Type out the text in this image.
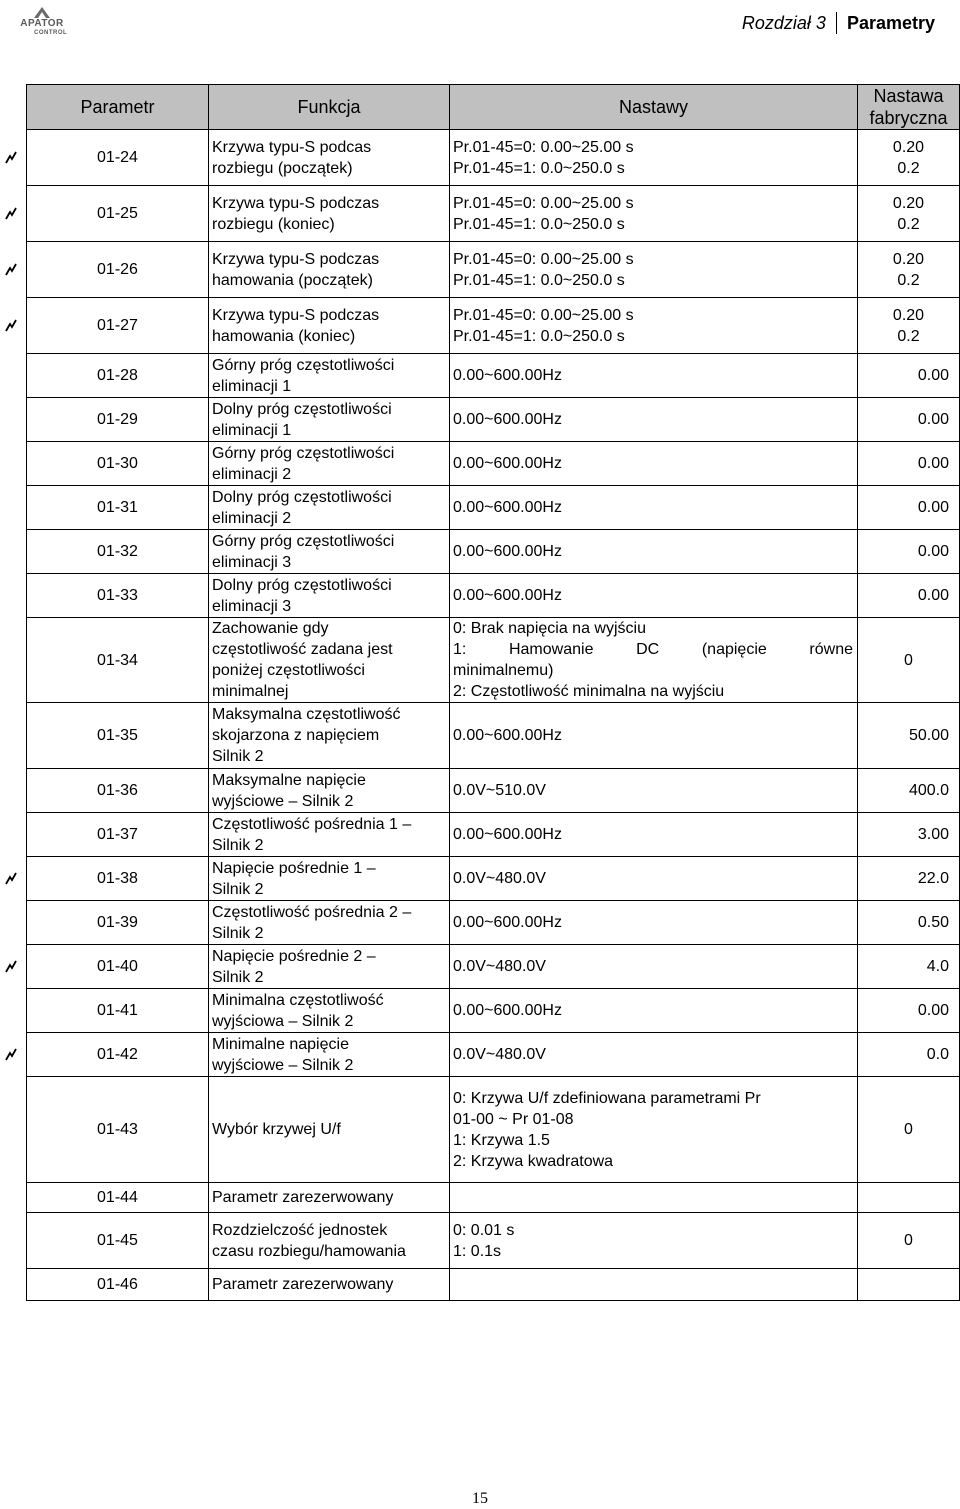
APATOR
CONTROL
Rozdział 3 Parametry
Parametr	Funkcja	Nastawy	Nastawa
fabryczna

01-24	Krzywa typu-S podcas
rozbiegu (początek)	Pr.01-45=0: 0.00~25.00 s
Pr.01-45=1: 0.0~250.0 s	0.20
0.2

01-25	Krzywa typu-S podczas
rozbiegu (koniec)	Pr.01-45=0: 0.00~25.00 s
Pr.01-45=1: 0.0~250.0 s	0.20
0.2

01-26	Krzywa typu-S podczas
hamowania (początek)	Pr.01-45=0: 0.00~25.00 s
Pr.01-45=1: 0.0~250.0 s	0.20
0.2

01-27	Krzywa typu-S podczas
hamowania (koniec)	Pr.01-45=0: 0.00~25.00 s
Pr.01-45=1: 0.0~250.0 s	0.20
0.2

01-28	Górny próg częstotliwości
eliminacji 1	0.00~600.00Hz	0.00

01-29	Dolny próg częstotliwości
eliminacji 1	0.00~600.00Hz	0.00

01-30	Górny próg częstotliwości
eliminacji 2	0.00~600.00Hz	0.00

01-31	Dolny próg częstotliwości
eliminacji 2	0.00~600.00Hz	0.00

01-32	Górny próg częstotliwości
eliminacji 3	0.00~600.00Hz	0.00

01-33	Dolny próg częstotliwości
eliminacji 3	0.00~600.00Hz	0.00

01-34	Zachowanie gdy
częstotliwość zadana jest
poniżej częstotliwości
minimalnej	0: Brak napięcia na wyjściu
1: Hamowanie DC (napięcie równe
minimalnemu)
2: Częstotliwość minimalna na wyjściu	0

01-35	Maksymalna częstotliwość
skojarzona z napięciem
Silnik 2	0.00~600.00Hz	50.00

01-36	Maksymalne napięcie
wyjściowe – Silnik 2	0.0V~510.0V	400.0

01-37	Częstotliwość pośrednia 1 –
Silnik 2	0.00~600.00Hz	3.00

01-38	Napięcie pośrednie 1 –
Silnik 2	0.0V~480.0V	22.0

01-39	Częstotliwość pośrednia 2 –
Silnik 2	0.00~600.00Hz	0.50

01-40	Napięcie pośrednie 2 –
Silnik 2	0.0V~480.0V	4.0

01-41	Minimalna częstotliwość
wyjściowa – Silnik 2	0.00~600.00Hz	0.00

01-42	Minimalne napięcie
wyjściowe – Silnik 2	0.0V~480.0V	0.0

01-43	Wybór krzywej U/f	0: Krzywa U/f zdefiniowana parametrami Pr
01-00 ~ Pr 01-08
1: Krzywa 1.5
2: Krzywa kwadratowa	0

01-44	Parametr zarezerwowany		

01-45	Rozdzielczość jednostek
czasu rozbiegu/hamowania	0: 0.01 s
1: 0.1s	0

01-46	Parametr zarezerwowany		

15
